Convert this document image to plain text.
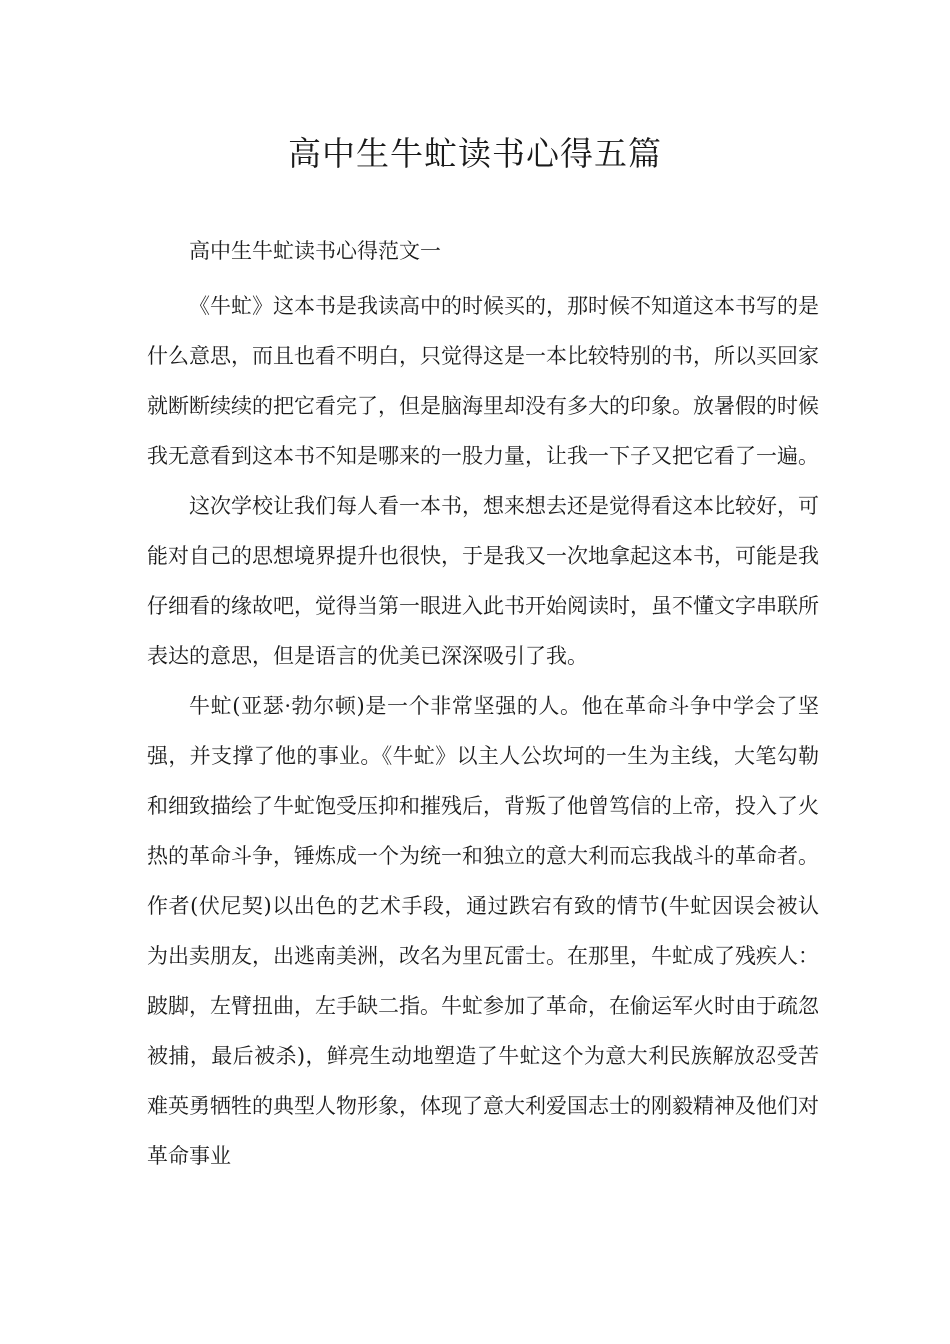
高中生牛虻读书心得五篇

高中生牛虻读书心得范文一

《牛虻》这本书是我读高中的时候买的，那时候不知道这本书写的是什么意思，而且也看不明白，只觉得这是一本比较特别的书，所以买回家就断断续续的把它看完了，但是脑海里却没有多大的印象。放暑假的时候我无意看到这本书不知是哪来的一股力量，让我一下子又把它看了一遍。

这次学校让我们每人看一本书，想来想去还是觉得看这本比较好，可能对自己的思想境界提升也很快，于是我又一次地拿起这本书，可能是我仔细看的缘故吧，觉得当第一眼进入此书开始阅读时，虽不懂文字串联所表达的意思，但是语言的优美已深深吸引了我。

牛虻(亚瑟·勃尔顿)是一个非常坚强的人。他在革命斗争中学会了坚强，并支撑了他的事业。《牛虻》以主人公坎坷的一生为主线，大笔勾勒和细致描绘了牛虻饱受压抑和摧残后，背叛了他曾笃信的上帝，投入了火热的革命斗争，锤炼成一个为统一和独立的意大利而忘我战斗的革命者。作者(伏尼契)以出色的艺术手段，通过跌宕有致的情节(牛虻因误会被认为出卖朋友，出逃南美洲，改名为里瓦雷士。在那里，牛虻成了残疾人：跛脚，左臂扭曲，左手缺二指。牛虻参加了革命，在偷运军火时由于疏忽被捕，最后被杀)，鲜亮生动地塑造了牛虻这个为意大利民族解放忍受苦难英勇牺牲的典型人物形象，体现了意大利爱国志士的刚毅精神及他们对革命事业
